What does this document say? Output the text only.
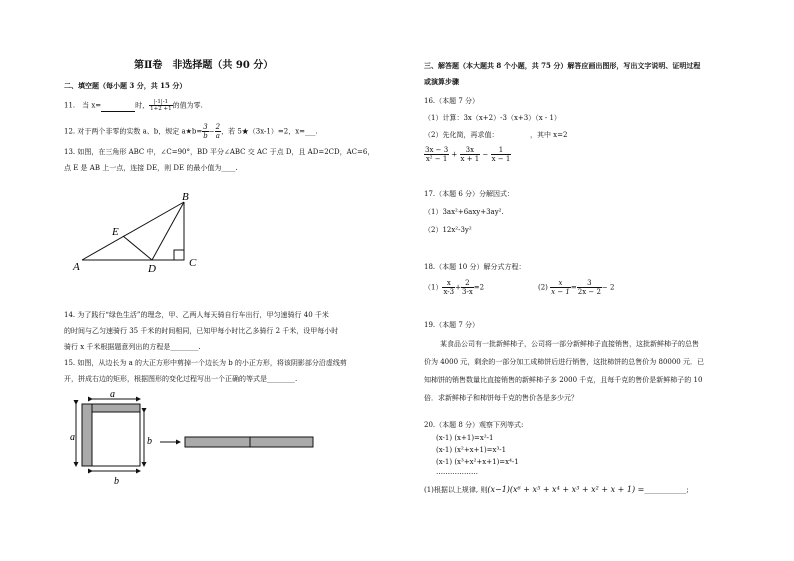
第Ⅱ卷　非选择题（共 90 分）
二、填空题（每小题 3 分，共 15 分）
11.　当 x=	时， $\frac{|-1|-1}{1+2 +1}$ 的值为零.
12. 对于两个非零的实数 a、b，规定 a★b= $\frac{3}{b} - \frac{2}{a}$ ，若 5★（3x-1）=2，x=___.
13. 如图，在三角形 ABC 中，∠C=90°，BD 平分∠ABC 交 AC 于点 D，且 AD=2CD，AC=6，
点 E 是 AB 上一点，连接 DE，则 DE 的最小值为____.
A
B
C
D
E
14. 为了践行“绿色生活”的理念，甲、乙两人每天骑自行车出行，甲匀速骑行 40 千米
的时间与乙匀速骑行 35 千米的时间相同，已知甲每小时比乙多骑行 2 千米，设甲每小时
骑行 x 千米根据题意列出的方程是________.
15. 如图，从边长为 a 的大正方形中剪掉一个边长为 b 的小正方形，将该阴影部分沿虚线剪
开，拼成右边的矩形，根据图形的变化过程写出一个正确的等式是________.
a
a	b
b
三、解答题（本大题共 8 个小题，共 75 分）解答应画出图形，写出文字说明、证明过程
或演算步骤
16.（本题 7 分）
（1）计算：3x（x+2）-3（x+3）（x - 1）
（2）先化简，再求值：　　　　　，其中 x=2
$\frac{3x - 3}{\text{x² − 1}} + \frac{3x}{x + 1} - \frac{1}{x - 1}$
17.（本题 6 分）分解因式：
（1）3ax²+6axy+3ay².
（2）12x²-3y²
18.（本题 10 分）解分式方程：
$(1) \frac{x}{x-3} + \frac{2}{3-x} =2$	$(2) \frac{x}{x - 1} = \frac{3}{2x - 2} - 2$
19.（本题 7 分）
某食品公司有一批新鲜柿子，公司将一部分新鲜柿子直接销售，这批新鲜柿子的总售
价为 4000 元，剩余的一部分加工成柿饼后进行销售，这批柿饼的总售价为 80000 元．已
知柿饼的销售数量比直接销售的新鲜柿子多 2000 千克，且每千克的售价是新鲜柿子的 10
倍．求新鲜柿子和柿饼每千克的售价各是多少元？
20.（本题 8 分）观察下列等式:
(x-1) (x+1)=x²-1
(x-1) (x²+x+1)=x³-1
(x-1) (x³+x²+x+1)=x⁴-1
………………
(1)根据以上规律, 则(x−1)(x⁶ + x⁵ + x⁴ + x³ + x² + x + 1) =____________;
